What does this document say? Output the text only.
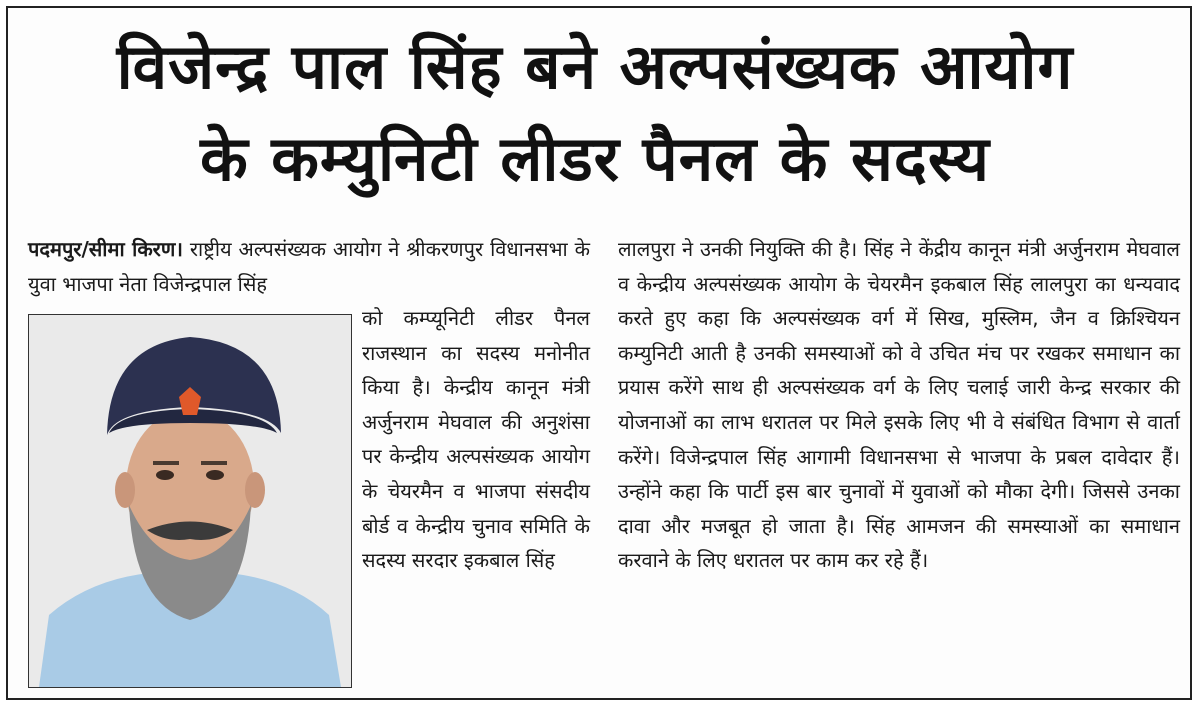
विजेन्द्र पाल सिंह बने अल्पसंख्यक आयोग
के कम्युनिटी लीडर पैनल के सदस्य

पदमपुर/सीमा किरण। राष्ट्रीय अल्पसंख्यक आयोग ने श्रीकरणपुर विधानसभा के युवा भाजपा नेता विजेन्द्रपाल सिंह

को कम्प्यूनिटी लीडर पैनल राजस्थान का सदस्य मनोनीत किया है। केन्द्रीय कानून मंत्री अर्जुनराम मेघवाल की अनुशंसा पर केन्द्रीय अल्पसंख्यक आयोग के चेयरमैन व भाजपा संसदीय बोर्ड व केन्द्रीय चुनाव समिति के सदस्य सरदार इकबाल सिंह

लालपुरा ने उनकी नियुक्ति की है। सिंह ने केंद्रीय कानून मंत्री अर्जुनराम मेघवाल व केन्द्रीय अल्पसंख्यक आयोग के चेयरमैन इकबाल सिंह लालपुरा का धन्यवाद करते हुए कहा कि अल्पसंख्यक वर्ग में सिख, मुस्लिम, जैन व क्रिश्चियन कम्युनिटी आती है उनकी समस्याओं को वे उचित मंच पर रखकर समाधान का प्रयास करेंगे साथ ही अल्पसंख्यक वर्ग के लिए चलाई जारी केन्द्र सरकार की योजनाओं का लाभ धरातल पर मिले इसके लिए भी वे संबंधित विभाग से वार्ता करेंगे। विजेन्द्रपाल सिंह आगामी विधानसभा से भाजपा के प्रबल दावेदार हैं। उन्होंने कहा कि पार्टी इस बार चुनावों में युवाओं को मौका देगी। जिससे उनका दावा और मजबूत हो जाता है। सिंह आमजन की समस्याओं का समाधान करवाने के लिए धरातल पर काम कर रहे हैं।
